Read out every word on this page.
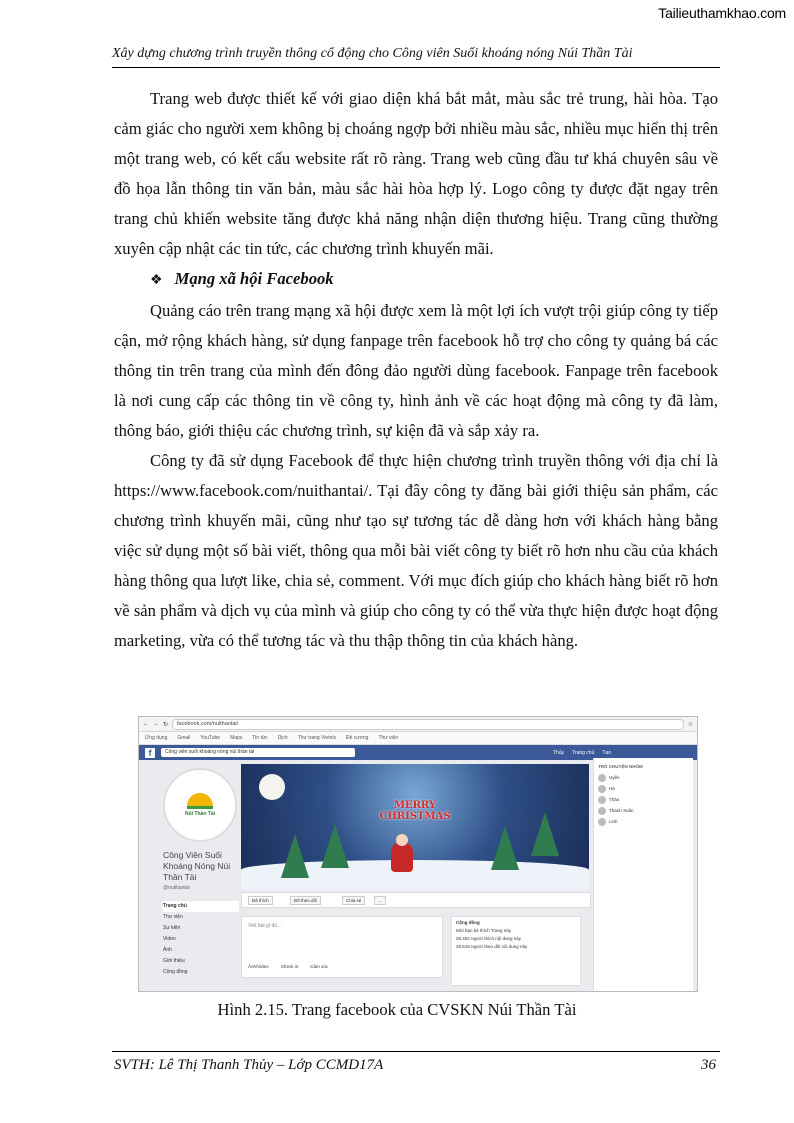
Tailieuthamkhao.com
Xây dựng chương trình truyền thông cổ động cho Công viên Suối khoáng nóng Núi Thần Tài

Trang web được thiết kế với giao diện khá bắt mắt, màu sắc trẻ trung, hài hòa. Tạo cảm giác cho người xem không bị choáng ngợp bởi nhiều màu sắc, nhiều mục hiển thị trên một trang web, có kết cấu website rất rõ ràng. Trang web cũng đầu tư khá chuyên sâu về đồ họa lẫn thông tin văn bản, màu sắc hài hòa hợp lý. Logo công ty được đặt ngay trên trang chủ khiến website tăng được khả năng nhận diện thương hiệu. Trang cũng thường xuyên cập nhật các tin tức, các chương trình khuyến mãi.

❖ Mạng xã hội Facebook

Quảng cáo trên trang mạng xã hội được xem là một lợi ích vượt trội giúp công ty tiếp cận, mở rộng khách hàng, sử dụng fanpage trên facebook hỗ trợ cho công ty quảng bá các thông tin trên trang của mình đến đông đảo người dùng facebook. Fanpage trên facebook là nơi cung cấp các thông tin về công ty, hình ảnh về các hoạt động mà công ty đã làm, thông báo, giới thiệu các chương trình, sự kiện đã và sắp xảy ra.

Công ty đã sử dụng Facebook để thực hiện chương trình truyền thông với địa chỉ là https://www.facebook.com/nuithantai/. Tại đây công ty đăng bài giới thiệu sản phẩm, các chương trình khuyến mãi, cũng như tạo sự tương tác dễ dàng hơn với khách hàng bằng việc sử dụng một số bài viết, thông qua mỗi bài viết công ty biết rõ hơn nhu cầu của khách hàng thông qua lượt like, chia sẻ, comment. Với mục đích giúp cho khách hàng biết rõ hơn về sản phẩm và dịch vụ của mình và giúp cho công ty có thể vừa thực hiện được hoạt động marketing, vừa có thể tương tác và thu thập thông tin của khách hàng.

← → ↻	facebook.com/nuithantai/	☆
Ứng dụng Gmail YouTube Maps Tin tức Dịch Thư trang Vietnix Đề cương Thư viện
f	Công viên suối khoáng nóng núi thần tài	Thủy Trang chủ Tạo
Núi Thần Tài
Công Viên Suối Khoáng Nóng Núi Thần Tài
@nuithantai
Trang chủ
Thư viện
Sự kiện
Video
Ảnh
Giới thiệu
Cộng đồng
MERRY CHRISTMAS
Đã thích	Đã theo dõi	Chia sẻ	...
Viết bài gì đó...
Ảnh/Video	Check in	Cảm xúc
Cộng đồng
Mời bạn bè thích Trang này
28.402 người thích nội dung này
28.518 người theo dõi nội dung này
TRÒ CHUYỆN NHÓM
Uyên
Hà
Thảo
Thanh Xuân
Linh
Hình 2.15. Trang facebook của CVSKN Núi Thần Tài
SVTH: Lê Thị Thanh Thủy – Lớp CCMD17A	36
